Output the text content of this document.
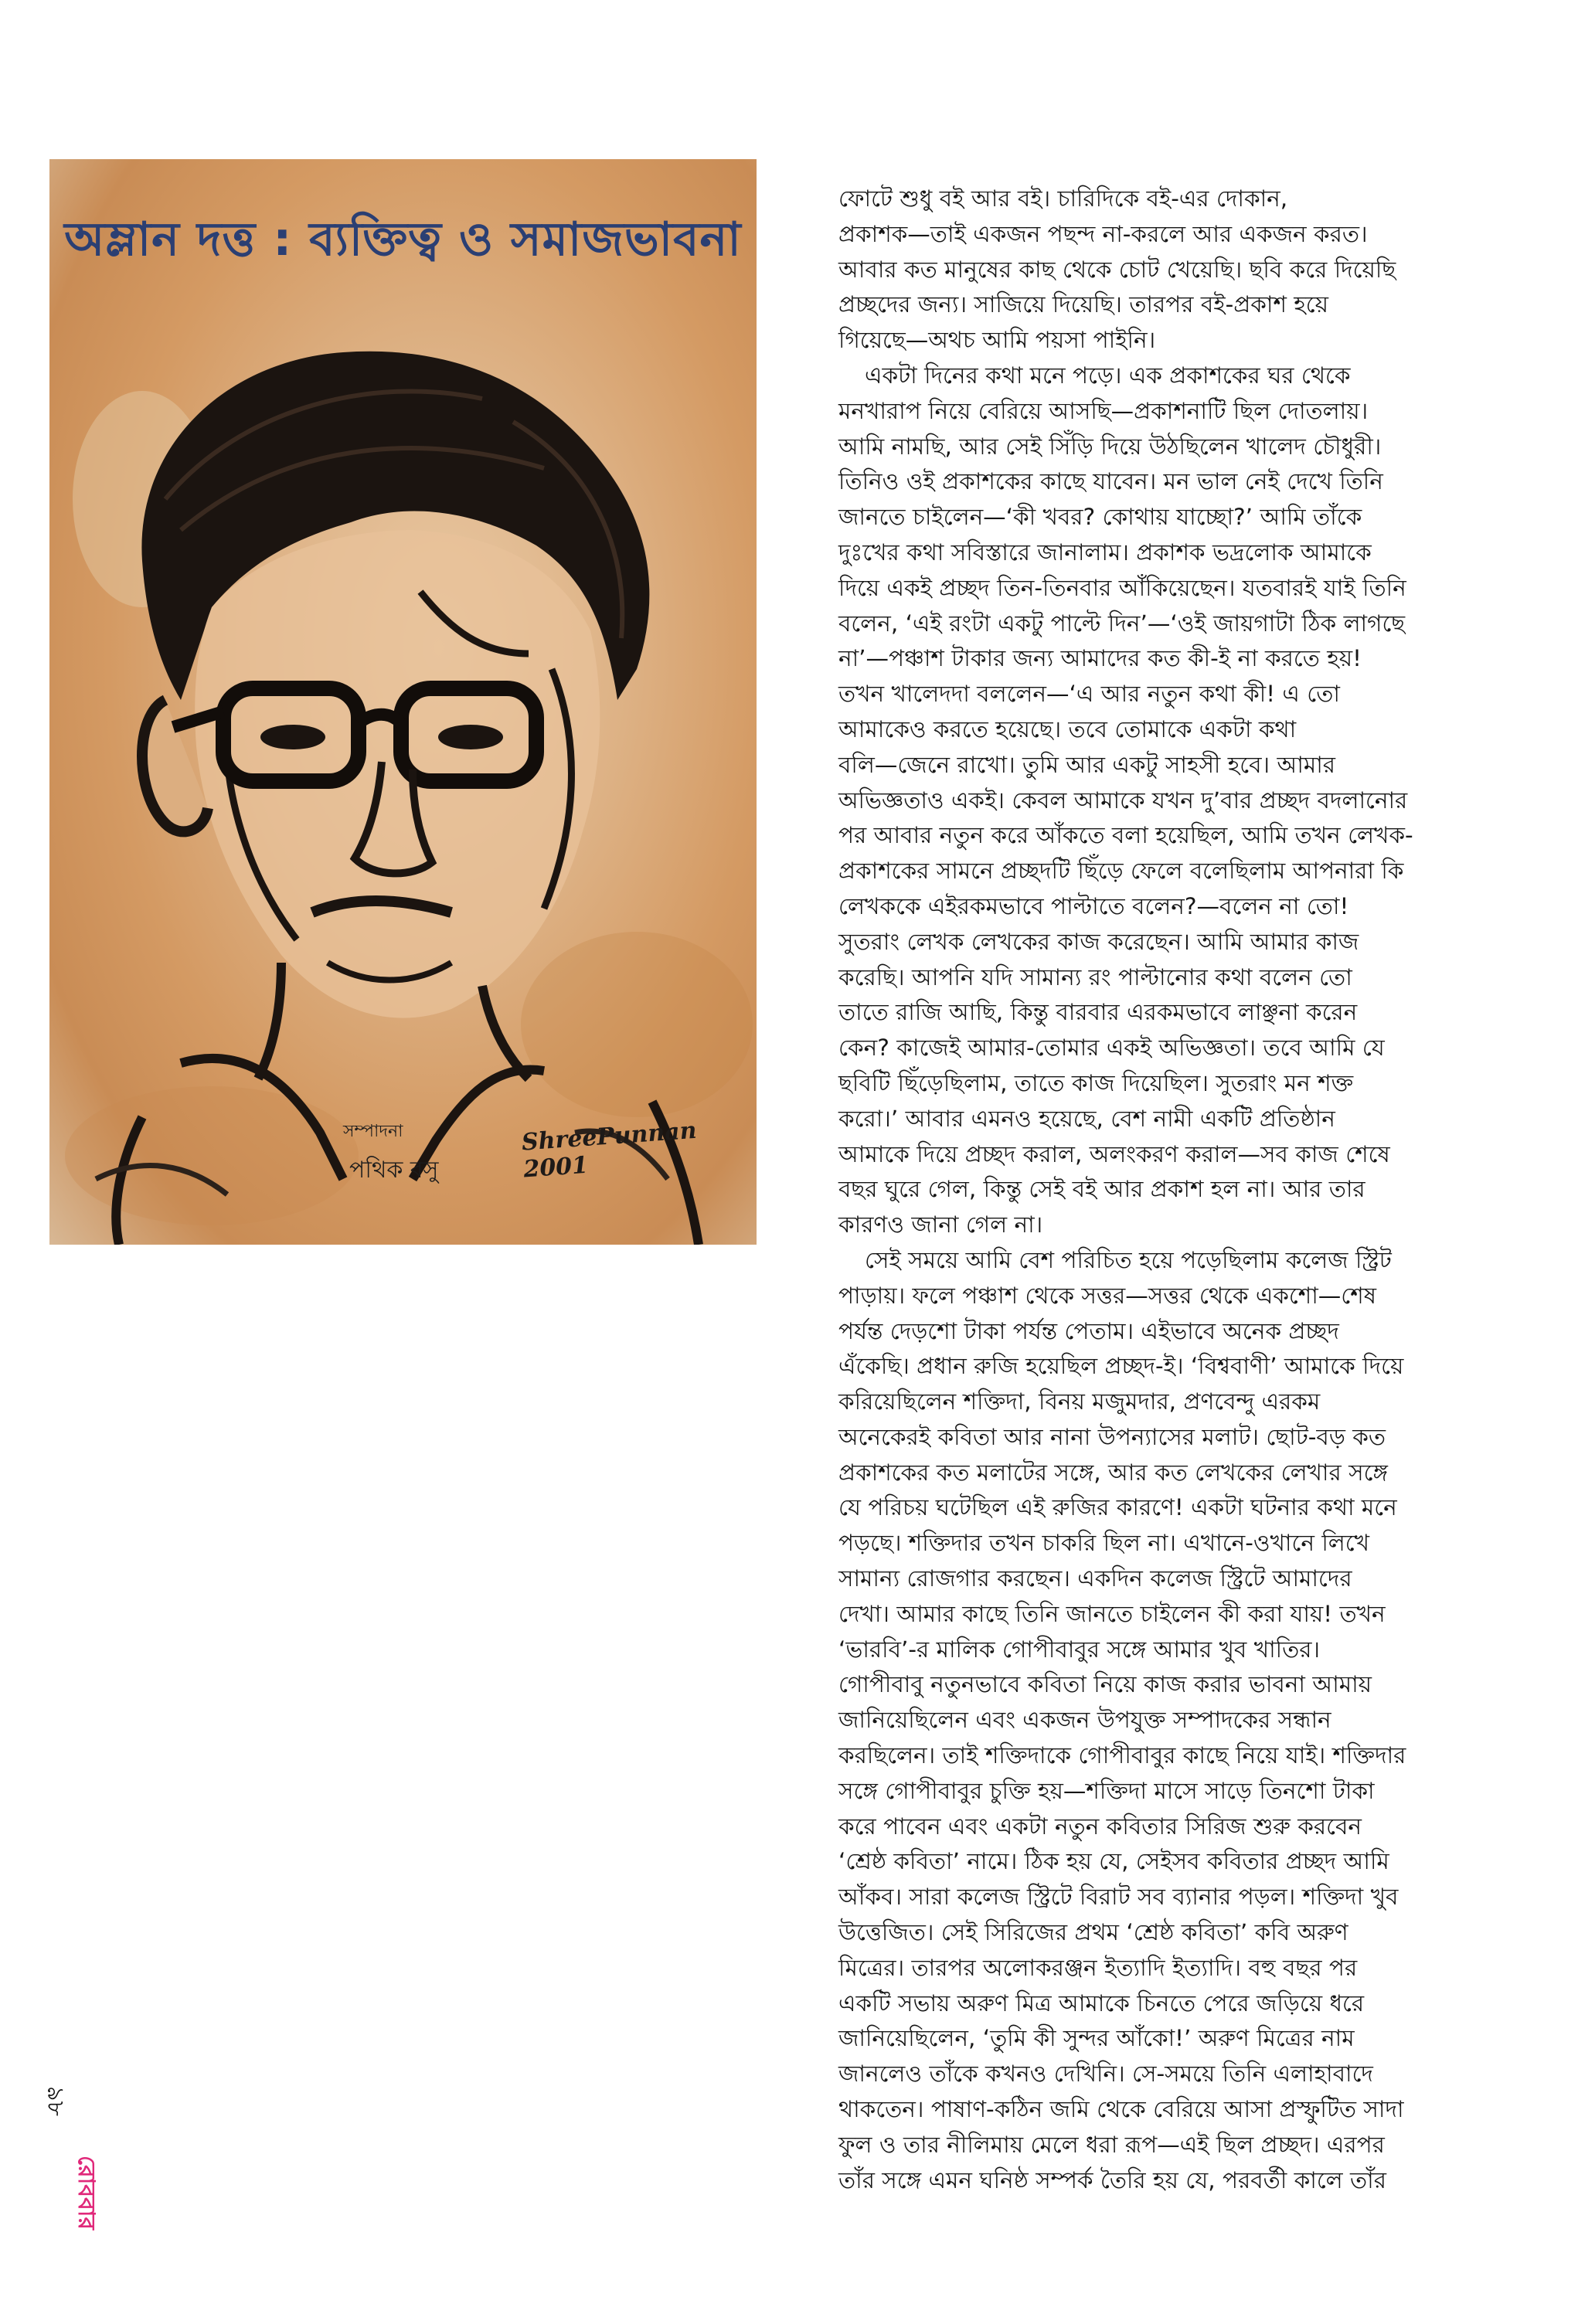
অম্লান দত্ত : ব্যক্তিত্ব ও সমাজভাবনা
সম্পাদনা
পথিক বসু
ShreePunnan 2001
ফোটে শুধু বই আর বই। চারিদিকে বই-এর দোকান,
প্রকাশক—তাই একজন পছন্দ না-করলে আর একজন করত।
আবার কত মানুষের কাছ থেকে চোট খেয়েছি। ছবি করে দিয়েছি
প্রচ্ছদের জন্য। সাজিয়ে দিয়েছি। তারপর বই-প্রকাশ হয়ে
গিয়েছে—অথচ আমি পয়সা পাইনি।
একটা দিনের কথা মনে পড়ে। এক প্রকাশকের ঘর থেকে
মনখারাপ নিয়ে বেরিয়ে আসছি—প্রকাশনাটি ছিল দোতলায়।
আমি নামছি, আর সেই সিঁড়ি দিয়ে উঠছিলেন খালেদ চৌধুরী।
তিনিও ওই প্রকাশকের কাছে যাবেন। মন ভাল নেই দেখে তিনি
জানতে চাইলেন—‘কী খবর? কোথায় যাচ্ছো?’ আমি তাঁকে
দুঃখের কথা সবিস্তারে জানালাম। প্রকাশক ভদ্রলোক আমাকে
দিয়ে একই প্রচ্ছদ তিন-তিনবার আঁকিয়েছেন। যতবারই যাই তিনি
বলেন, ‘এই রংটা একটু পাল্টে দিন’—‘ওই জায়গাটা ঠিক লাগছে
না’—পঞ্চাশ টাকার জন্য আমাদের কত কী-ই না করতে হয়!
তখন খালেদদা বললেন—‘এ আর নতুন কথা কী! এ তো
আমাকেও করতে হয়েছে। তবে তোমাকে একটা কথা
বলি—জেনে রাখো। তুমি আর একটু সাহসী হবে। আমার
অভিজ্ঞতাও একই। কেবল আমাকে যখন দু’বার প্রচ্ছদ বদলানোর
পর আবার নতুন করে আঁকতে বলা হয়েছিল, আমি তখন লেখক-
প্রকাশকের সামনে প্রচ্ছদটি ছিঁড়ে ফেলে বলেছিলাম আপনারা কি
লেখককে এইরকমভাবে পাল্টাতে বলেন?—বলেন না তো!
সুতরাং লেখক লেখকের কাজ করেছেন। আমি আমার কাজ
করেছি। আপনি যদি সামান্য রং পাল্টানোর কথা বলেন তো
তাতে রাজি আছি, কিন্তু বারবার এরকমভাবে লাঞ্ছনা করেন
কেন? কাজেই আমার-তোমার একই অভিজ্ঞতা। তবে আমি যে
ছবিটি ছিঁড়েছিলাম, তাতে কাজ দিয়েছিল। সুতরাং মন শক্ত
করো।’ আবার এমনও হয়েছে, বেশ নামী একটি প্রতিষ্ঠান
আমাকে দিয়ে প্রচ্ছদ করাল, অলংকরণ করাল—সব কাজ শেষে
বছর ঘুরে গেল, কিন্তু সেই বই আর প্রকাশ হল না। আর তার
কারণও জানা গেল না।
সেই সময়ে আমি বেশ পরিচিত হয়ে পড়েছিলাম কলেজ স্ট্রিট
পাড়ায়। ফলে পঞ্চাশ থেকে সত্তর—সত্তর থেকে একশো—শেষ
পর্যন্ত দেড়শো টাকা পর্যন্ত পেতাম। এইভাবে অনেক প্রচ্ছদ
এঁকেছি। প্রধান রুজি হয়েছিল প্রচ্ছদ-ই। ‘বিশ্ববাণী’ আমাকে দিয়ে
করিয়েছিলেন শক্তিদা, বিনয় মজুমদার, প্রণবেন্দু এরকম
অনেকেরই কবিতা আর নানা উপন্যাসের মলাট। ছোট-বড় কত
প্রকাশকের কত মলাটের সঙ্গে, আর কত লেখকের লেখার সঙ্গে
যে পরিচয় ঘটেছিল এই রুজির কারণে! একটা ঘটনার কথা মনে
পড়ছে। শক্তিদার তখন চাকরি ছিল না। এখানে-ওখানে লিখে
সামান্য রোজগার করছেন। একদিন কলেজ স্ট্রিটে আমাদের
দেখা। আমার কাছে তিনি জানতে চাইলেন কী করা যায়! তখন
‘ভারবি’-র মালিক গোপীবাবুর সঙ্গে আমার খুব খাতির।
গোপীবাবু নতুনভাবে কবিতা নিয়ে কাজ করার ভাবনা আমায়
জানিয়েছিলেন এবং একজন উপযুক্ত সম্পাদকের সন্ধান
করছিলেন। তাই শক্তিদাকে গোপীবাবুর কাছে নিয়ে যাই। শক্তিদার
সঙ্গে গোপীবাবুর চুক্তি হয়—শক্তিদা মাসে সাড়ে তিনশো টাকা
করে পাবেন এবং একটা নতুন কবিতার সিরিজ শুরু করবেন
‘শ্রেষ্ঠ কবিতা’ নামে। ঠিক হয় যে, সেইসব কবিতার প্রচ্ছদ আমি
আঁকব। সারা কলেজ স্ট্রিটে বিরাট সব ব্যানার পড়ল। শক্তিদা খুব
উত্তেজিত। সেই সিরিজের প্রথম ‘শ্রেষ্ঠ কবিতা’ কবি অরুণ
মিত্রের। তারপর অলোকরঞ্জন ইত্যাদি ইত্যাদি। বহু বছর পর
একটি সভায় অরুণ মিত্র আমাকে চিনতে পেরে জড়িয়ে ধরে
জানিয়েছিলেন, ‘তুমি কী সুন্দর আঁকো!’ অরুণ মিত্রের নাম
জানলেও তাঁকে কখনও দেখিনি। সে-সময়ে তিনি এলাহাবাদে
থাকতেন। পাষাণ-কঠিন জমি থেকে বেরিয়ে আসা প্রস্ফুটিত সাদা
ফুল ও তার নীলিমায় মেলে ধরা রূপ—এই ছিল প্রচ্ছদ। এরপর
তাঁর সঙ্গে এমন ঘনিষ্ঠ সম্পর্ক তৈরি হয় যে, পরবর্তী কালে তাঁর
৯৮
রোববার
